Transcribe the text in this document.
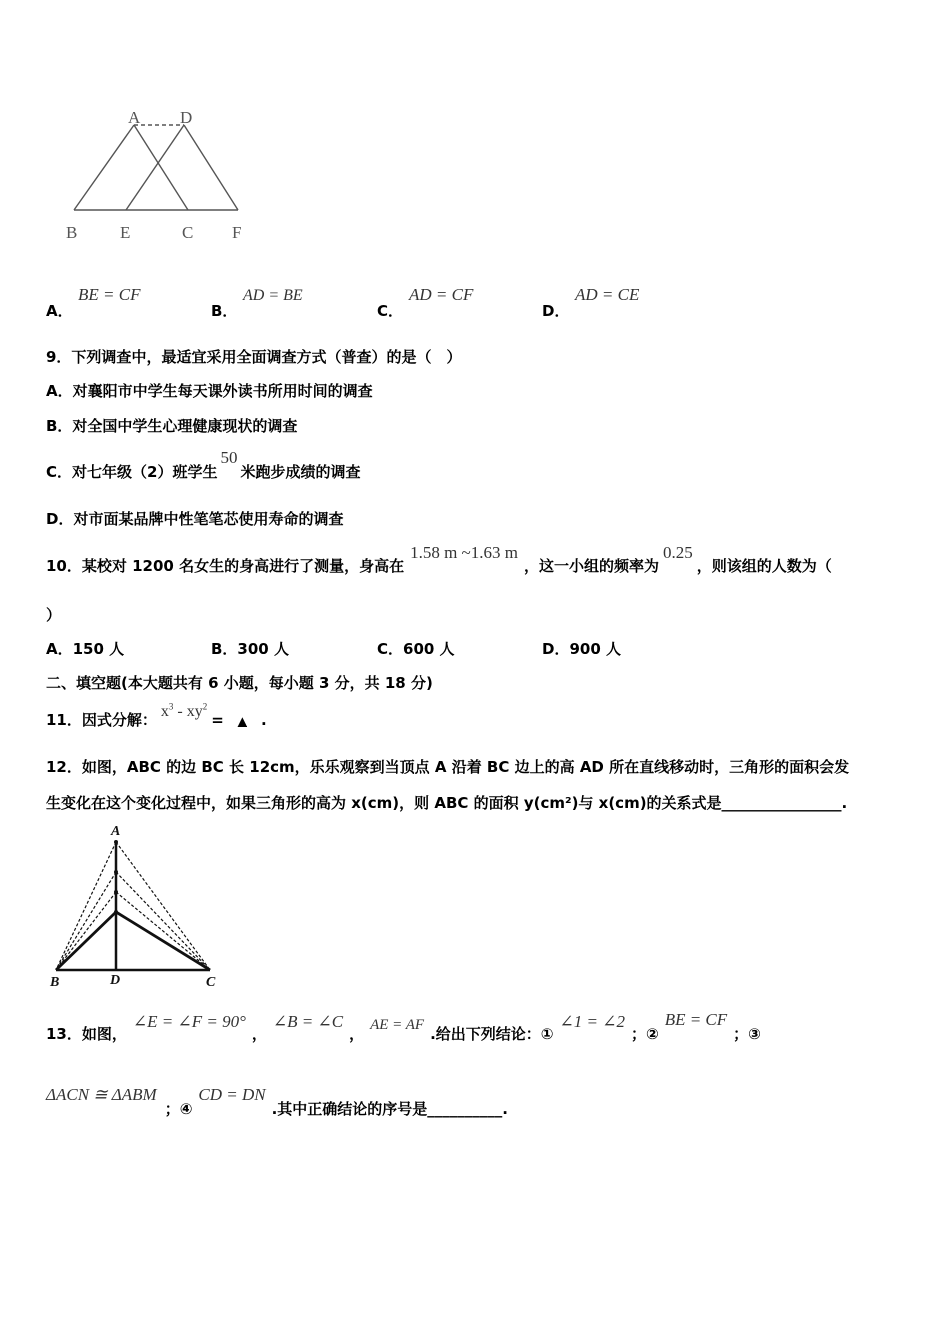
A D
B	E	C F
A．
BE = CF
B．
AD = BE
C．
AD = CF
D．
AD = CE
9．下列调查中，最适宜采用全面调查方式（普查）的是（　）
A．对襄阳市中学生每天课外读书所用时间的调查
B．对全国中学生心理健康现状的调查
C．对七年级（2）班学生50米跑步成绩的调查
D．对市面某品牌中性笔笔芯使用寿命的调查
10．某校对 1200 名女生的身高进行了测量，身高在1.58 m ~1.63 m，这一小组的频率为0.25，则该组的人数为（
）
A．150 人	B．300 人	C．600 人	D．900 人
二、填空题(本大题共有 6 小题，每小题 3 分，共 18 分)
11．因式分解： $x^3 - xy^2=$ ▲ .
12．如图，ABC 的边 BC 长 12cm，乐乐观察到当顶点 A 沿着 BC 边上的高 AD 所在直线移动时，三角形的面积会发
生变化在这个变化过程中，如果三角形的高为 x(cm)，则 ABC 的面积 y(cm²)与 x(cm)的关系式是________________.
A
B	D	C
13．如图，∠E = ∠F = 90°，∠B = ∠C， AE = AF .给出下列结论：①∠1 = ∠2；②BE = CF；③
ΔACN ≅ ΔABM；④CD = DN.其中正确结论的序号是__________.
